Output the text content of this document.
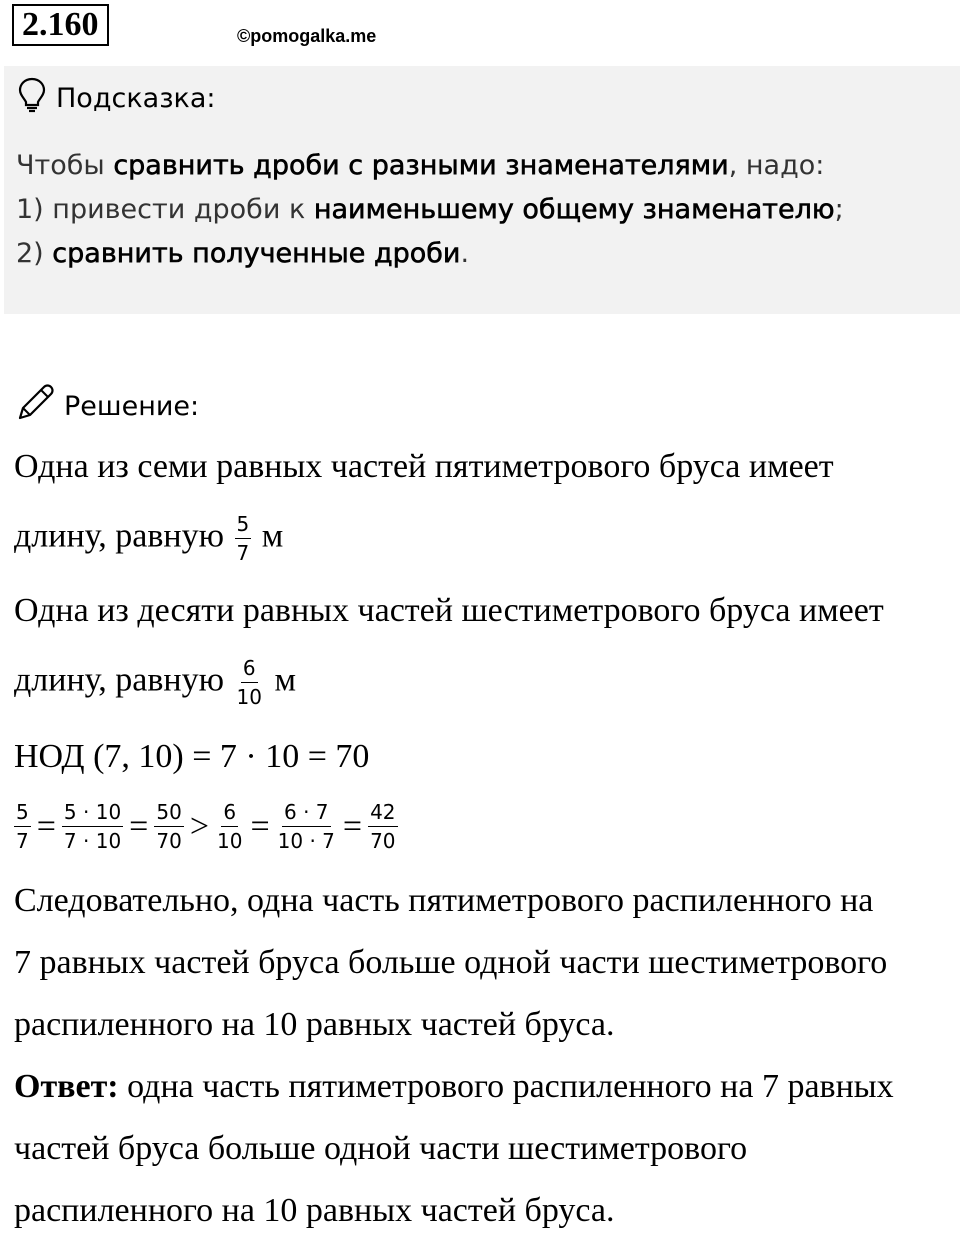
2.160	©pomogalka.me
Подсказка:
Чтобы сравнить дроби с разными знаменателями, надо:
1) привести дроби к наименьшему общему знаменателю;
2) сравнить полученные дроби.
Решение:
Одна из семи равных частей пятиметрового бруса имеет
длину, равную $\frac{5}{7}$ м
Одна из десяти равных частей шестиметрового бруса имеет
длину, равную $\frac{6}{10}$ м
НОД (7, 10) = 7 · 10 = 70
$\frac{5}{7} = \frac{5 \cdot 10}{7 \cdot 10} = \frac{50}{70} > \frac{6}{10} = \frac{6 \cdot 7}{10 \cdot 7} = \frac{42}{70}$
Следовательно, одна часть пятиметрового распиленного на
7 равных частей бруса больше одной части шестиметрового
распиленного на 10 равных частей бруса.
Ответ: одна часть пятиметрового распиленного на 7 равных
частей бруса больше одной части шестиметрового
распиленного на 10 равных частей бруса.
